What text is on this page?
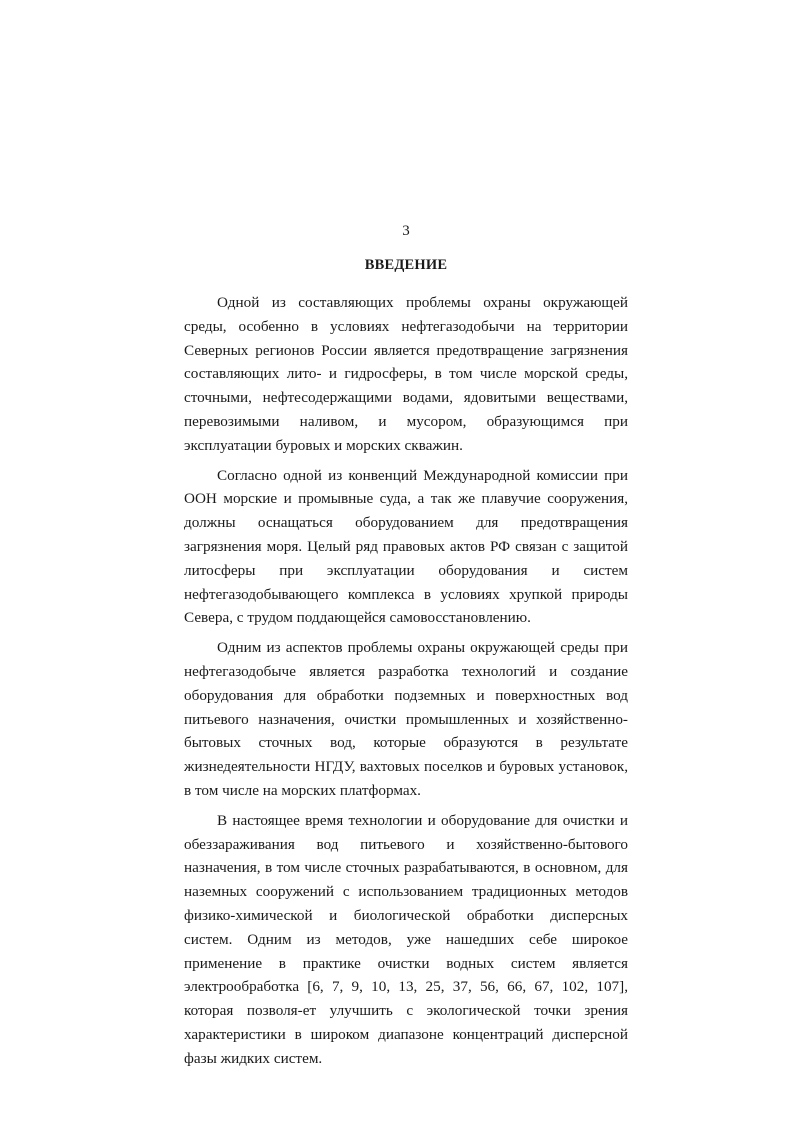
3
ВВЕДЕНИЕ

Одной из составляющих проблемы охраны окружающей среды, особенно в условиях нефтегазодобычи на территории Северных регионов России является предотвращение загрязнения составляющих лито- и гидросферы, в том числе морской среды, сточными, нефтесодержащими водами, ядовитыми веществами, перевозимыми наливом, и мусором, образующимся при эксплуатации буровых и морских скважин.

Согласно одной из конвенций Международной комиссии при ООН морские и промывные суда, а так же плавучие сооружения, должны оснащаться оборудованием для предотвращения загрязнения моря. Целый ряд правовых актов РФ связан с защитой литосферы при эксплуатации оборудования и систем нефтегазодобывающего комплекса в условиях хрупкой природы Севера, с трудом поддающейся самовосстановлению.

Одним из аспектов проблемы охраны окружающей среды при нефтегазодобыче является разработка технологий и создание оборудования для обработки подземных и поверхностных вод питьевого назначения, очистки промышленных и хозяйственно-бытовых сточных вод, которые образуются в результате жизнедеятельности НГДУ, вахтовых поселков и буровых установок, в том числе на морских платформах.

В настоящее время технологии и оборудование для очистки и обеззараживания вод питьевого и хозяйственно-бытового назначения, в том числе сточных разрабатываются, в основном, для наземных сооружений с использованием традиционных методов физико-химической и биологической обработки дисперсных систем. Одним из методов, уже нашедших себе широкое применение в практике очистки водных систем является электрообработка [6, 7, 9, 10, 13, 25, 37, 56, 66, 67, 102, 107], которая позволя-ет улучшить с экологической точки зрения характеристики в широком диапазоне концентраций дисперсной фазы жидких систем.
